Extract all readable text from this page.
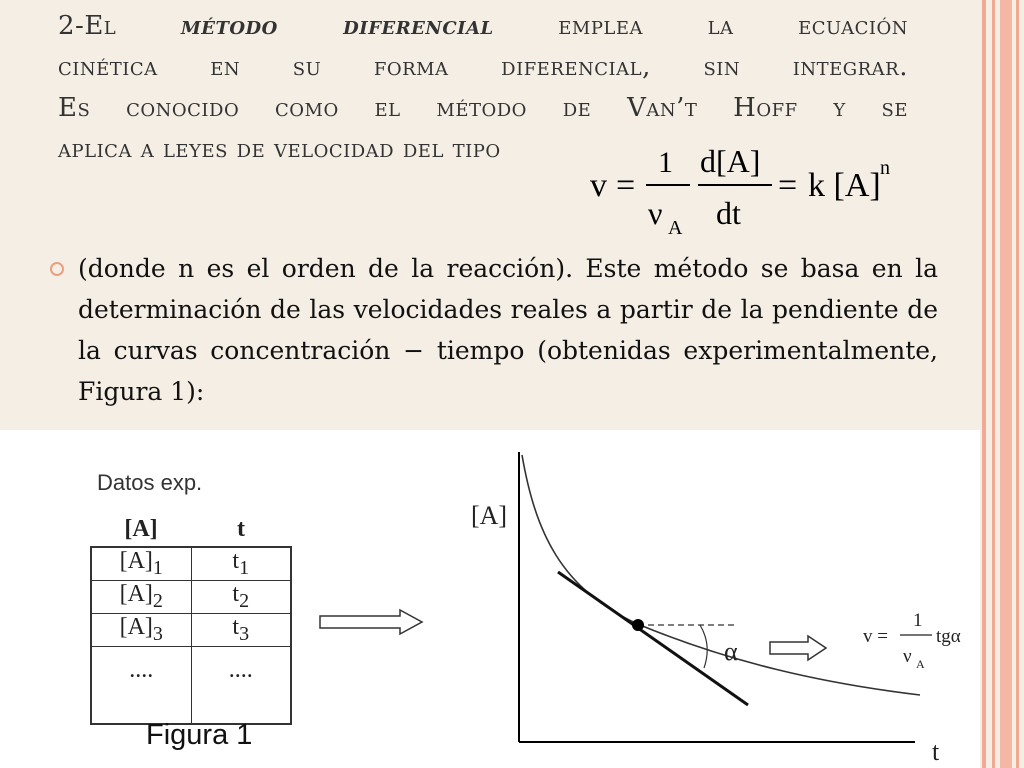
2-El método diferencial emplea la ecuación
cinética en su forma diferencial, sin integrar.
Es conocido como el método de Van’t Hoff y se
aplica a leyes de velocidad del tipo
v =
1
ν A
d[A]
dt
= k [A] n
(donde n es el orden de la reacción). Este método se basa en la determinación de las velocidades reales a partir de la pendiente de la curvas concentración − tiempo (obtenidas experimentalmente, Figura 1):
Datos exp.
[A]	t
$[A]_1$	$t_1$
$[A]_2$	$t_2$
$[A]_3$	$t_3$
....	....
[A]
t
α
v =
1
ν A
tgα
Figura 1
